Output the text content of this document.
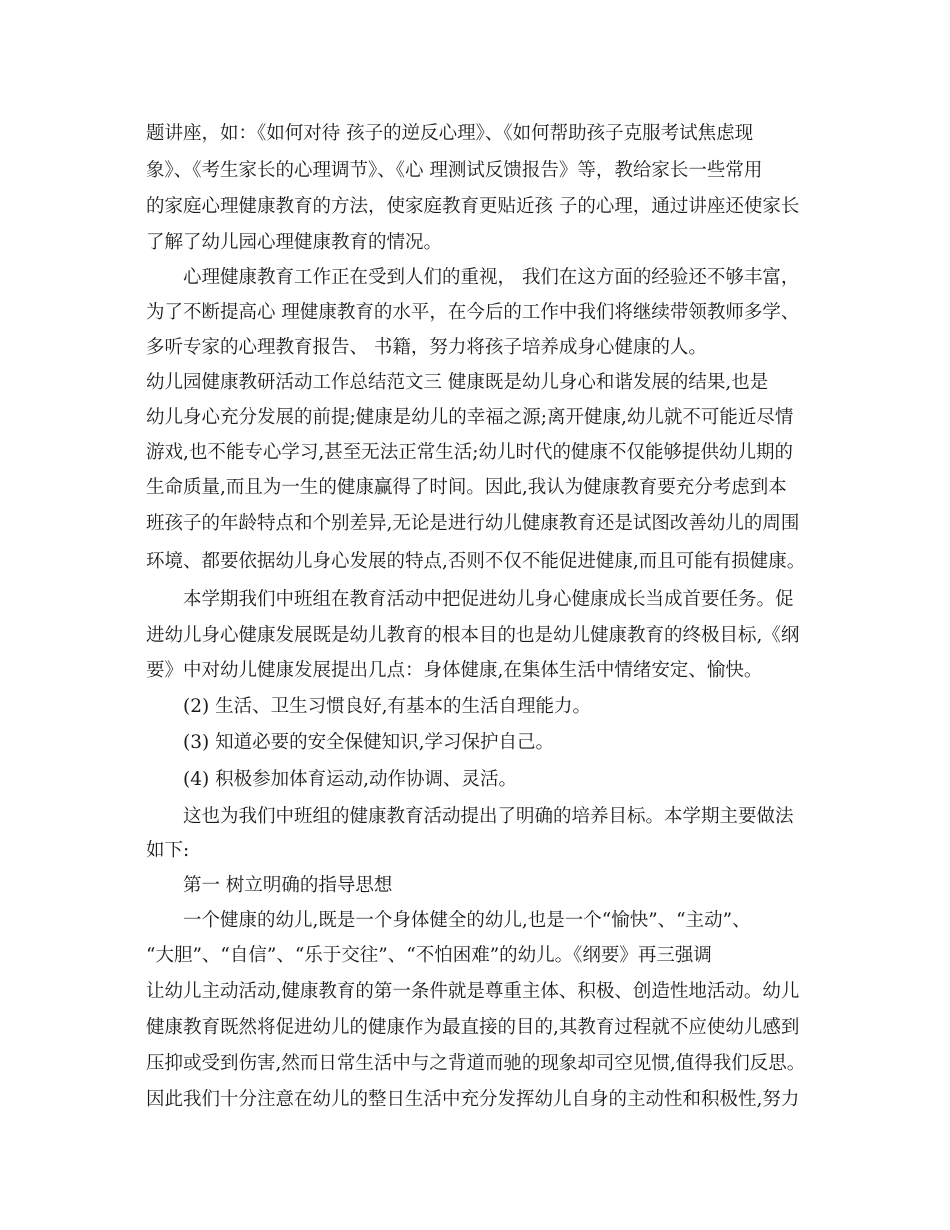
题讲座，如：《如何对待 孩子的逆反心理》、《如何帮助孩子克服考试焦虑现
象》、《考生家长的心理调节》、《心 理测试反馈报告》等，教给家长一些常用
的家庭心理健康教育的方法，使家庭教育更贴近孩 子的心理，通过讲座还使家长
了解了幼儿园心理健康教育的情况。
心理健康教育工作正在受到人们的重视， 我们在这方面的经验还不够丰富，
为了不断提高心 理健康教育的水平，在今后的工作中我们将继续带领教师多学、
多听专家的心理教育报告、 书籍，努力将孩子培养成身心健康的人。
幼儿园健康教研活动工作总结范文三 健康既是幼儿身心和谐发展的结果,也是
幼儿身心充分发展的前提;健康是幼儿的幸福之源;离开健康,幼儿就不可能近尽情
游戏,也不能专心学习,甚至无法正常生活;幼儿时代的健康不仅能够提供幼儿期的
生命质量,而且为一生的健康赢得了时间。因此,我认为健康教育要充分考虑到本
班孩子的年龄特点和个别差异,无论是进行幼儿健康教育还是试图改善幼儿的周围
环境、都要依据幼儿身心发展的特点,否则不仅不能促进健康,而且可能有损健康。
本学期我们中班组在教育活动中把促进幼儿身心健康成长当成首要任务。促
进幼儿身心健康发展既是幼儿教育的根本目的也是幼儿健康教育的终极目标,《纲
要》中对幼儿健康发展提出几点：身体健康,在集体生活中情绪安定、愉快。
(2) 生活、卫生习惯良好,有基本的生活自理能力。
(3) 知道必要的安全保健知识,学习保护自己。
(4) 积极参加体育运动,动作协调、灵活。
这也为我们中班组的健康教育活动提出了明确的培养目标。本学期主要做法
如下:
第一 树立明确的指导思想
一个健康的幼儿,既是一个身体健全的幼儿,也是一个“愉快”、“主动”、
“大胆”、“自信”、“乐于交往”、“不怕困难”的幼儿。《纲要》再三强调
让幼儿主动活动,健康教育的第一条件就是尊重主体、积极、创造性地活动。幼儿
健康教育既然将促进幼儿的健康作为最直接的目的,其教育过程就不应使幼儿感到
压抑或受到伤害,然而日常生活中与之背道而驰的现象却司空见惯,值得我们反思。
因此我们十分注意在幼儿的整日生活中充分发挥幼儿自身的主动性和积极性,努力
